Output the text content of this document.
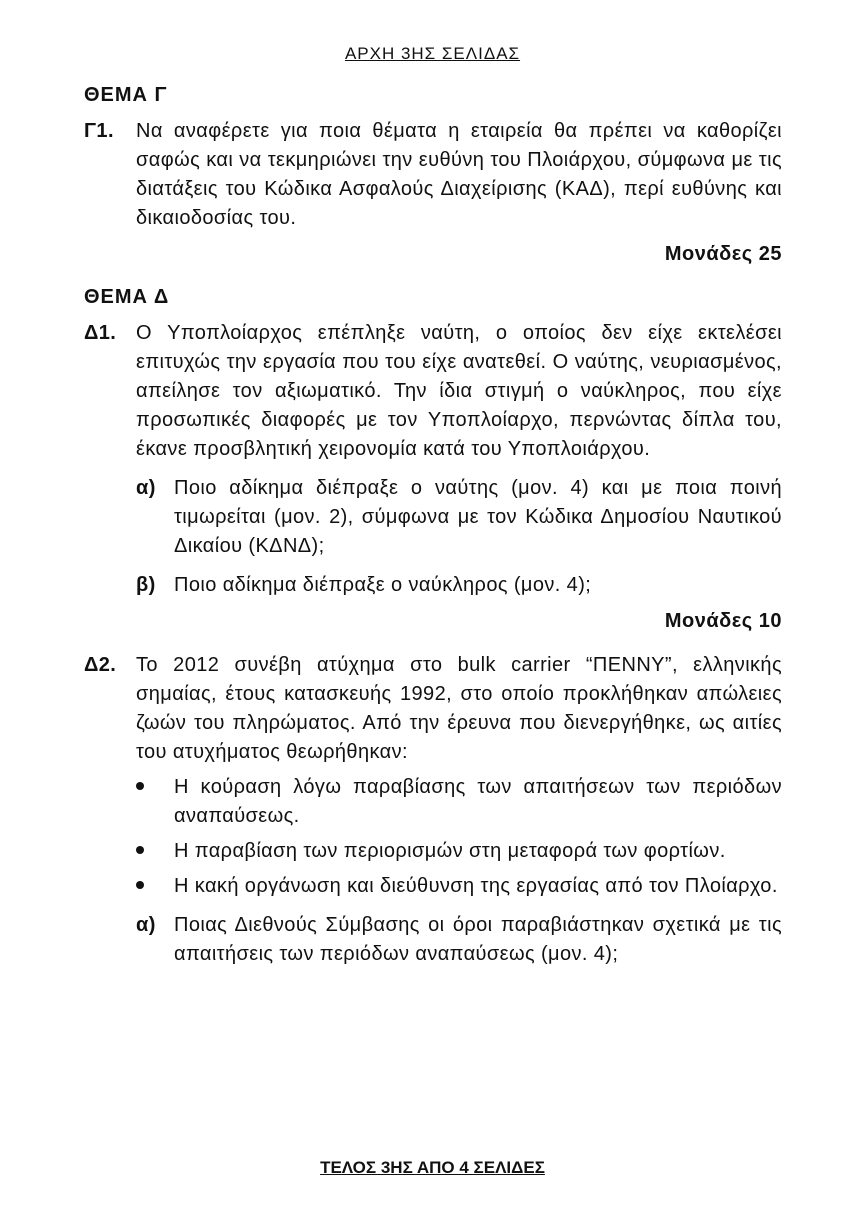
ΑΡΧΗ 3ΗΣ ΣΕΛΙΔΑΣ
ΘΕΜΑ Γ
Γ1.	Να αναφέρετε για ποια θέματα η εταιρεία θα πρέπει να καθορίζει σαφώς και να τεκμηριώνει την ευθύνη του Πλοιάρχου, σύμφωνα με τις διατάξεις του Κώδικα Ασφαλούς Διαχείρισης (ΚΑΔ), περί ευθύνης και δικαιοδοσίας του.
Μονάδες 25
ΘΕΜΑ Δ
Δ1. Ο Υποπλοίαρχος επέπληξε ναύτη, ο οποίος δεν είχε εκτελέσει επιτυχώς την εργασία που του είχε ανατεθεί. Ο ναύτης, νευριασμένος, απείλησε τον αξιωματικό. Την ίδια στιγμή ο ναύκληρος, που είχε προσωπικές διαφορές με τον Υποπλοίαρχο, περνώντας δίπλα του, έκανε προσβλητική χειρονομία κατά του Υποπλοιάρχου.
α) Ποιο αδίκημα διέπραξε ο ναύτης (μον. 4) και με ποια ποινή τιμωρείται (μον. 2), σύμφωνα με τον Κώδικα Δημοσίου Ναυτικού Δικαίου (ΚΔΝΔ);
β) Ποιο αδίκημα διέπραξε ο ναύκληρος (μον. 4);
Μονάδες 10
Δ2. Το 2012 συνέβη ατύχημα στο bulk carrier “ΠΕΝΝΥ”, ελληνικής σημαίας, έτους κατασκευής 1992, στο οποίο προκλήθηκαν απώλειες ζωών του πληρώματος. Από την έρευνα που διενεργήθηκε, ως αιτίες του ατυχήματος θεωρήθηκαν:
Η κούραση λόγω παραβίασης των απαιτήσεων των περιόδων αναπαύσεως.
Η παραβίαση των περιορισμών στη μεταφορά των φορτίων.
Η κακή οργάνωση και διεύθυνση της εργασίας από τον Πλοίαρχο.
α) Ποιας Διεθνούς Σύμβασης οι όροι παραβιάστηκαν σχετικά με τις απαιτήσεις των περιόδων αναπαύσεως (μον. 4);
ΤΕΛΟΣ 3ΗΣ ΑΠΟ 4 ΣΕΛΙΔΕΣ
